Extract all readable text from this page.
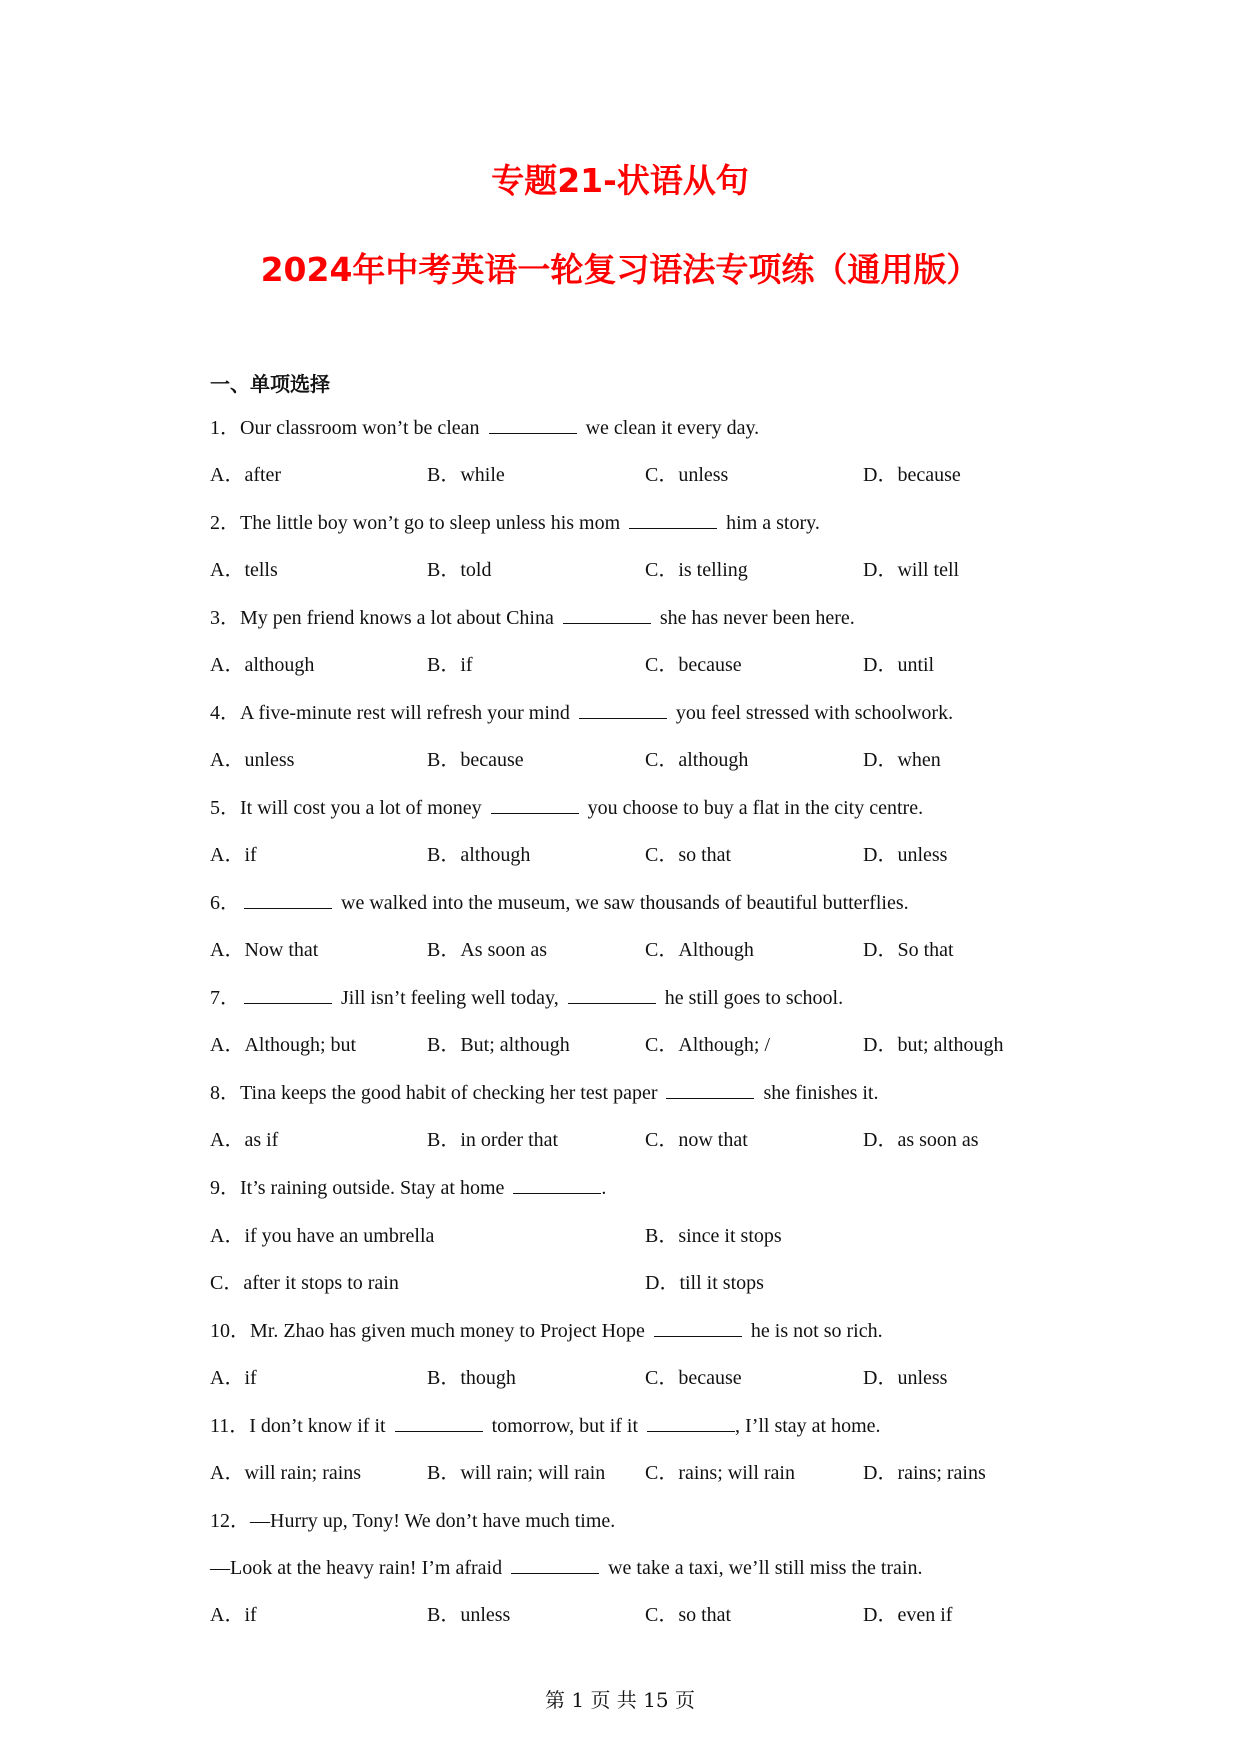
专题21-状语从句
2024年中考英语一轮复习语法专项练（通用版）
一、单项选择
1．Our classroom won’t be clean	we clean it every day.
A．after	B．while	C．unless	D．because
2．The little boy won’t go to sleep unless his mom	him a story.
A．tells	B．told	C．is telling	D．will tell
3．My pen friend knows a lot about China	she has never been here.
A．although	B．if	C．because	D．until
4．A five-minute rest will refresh your mind	you feel stressed with schoolwork.
A．unless	B．because	C．although	D．when
5．It will cost you a lot of money	you choose to buy a flat in the city centre.
A．if	B．although	C．so that	D．unless
6．	we walked into the museum, we saw thousands of beautiful butterflies.
A．Now that	B．As soon as	C．Although	D．So that
7．	Jill isn’t feeling well today,	he still goes to school.
A．Although; but	B．But; although	C．Although; /	D．but; although
8．Tina keeps the good habit of checking her test paper	she finishes it.
A．as if	B．in order that	C．now that	D．as soon as
9．It’s raining outside. Stay at home	.
A．if you have an umbrella	B．since it stops
C．after it stops to rain	D．till it stops
10．Mr. Zhao has given much money to Project Hope	he is not so rich.
A．if	B．though	C．because	D．unless
11．I don’t know if it	tomorrow, but if it	, I’ll stay at home.
A．will rain; rains	B．will rain; will rain C．rains; will rain	D．rains; rains
12．—Hurry up, Tony! We don’t have much time.
—Look at the heavy rain! I’m afraid	we take a taxi, we’ll still miss the train.
A．if	B．unless	C．so that	D．even if
第 1 页 共 15 页
